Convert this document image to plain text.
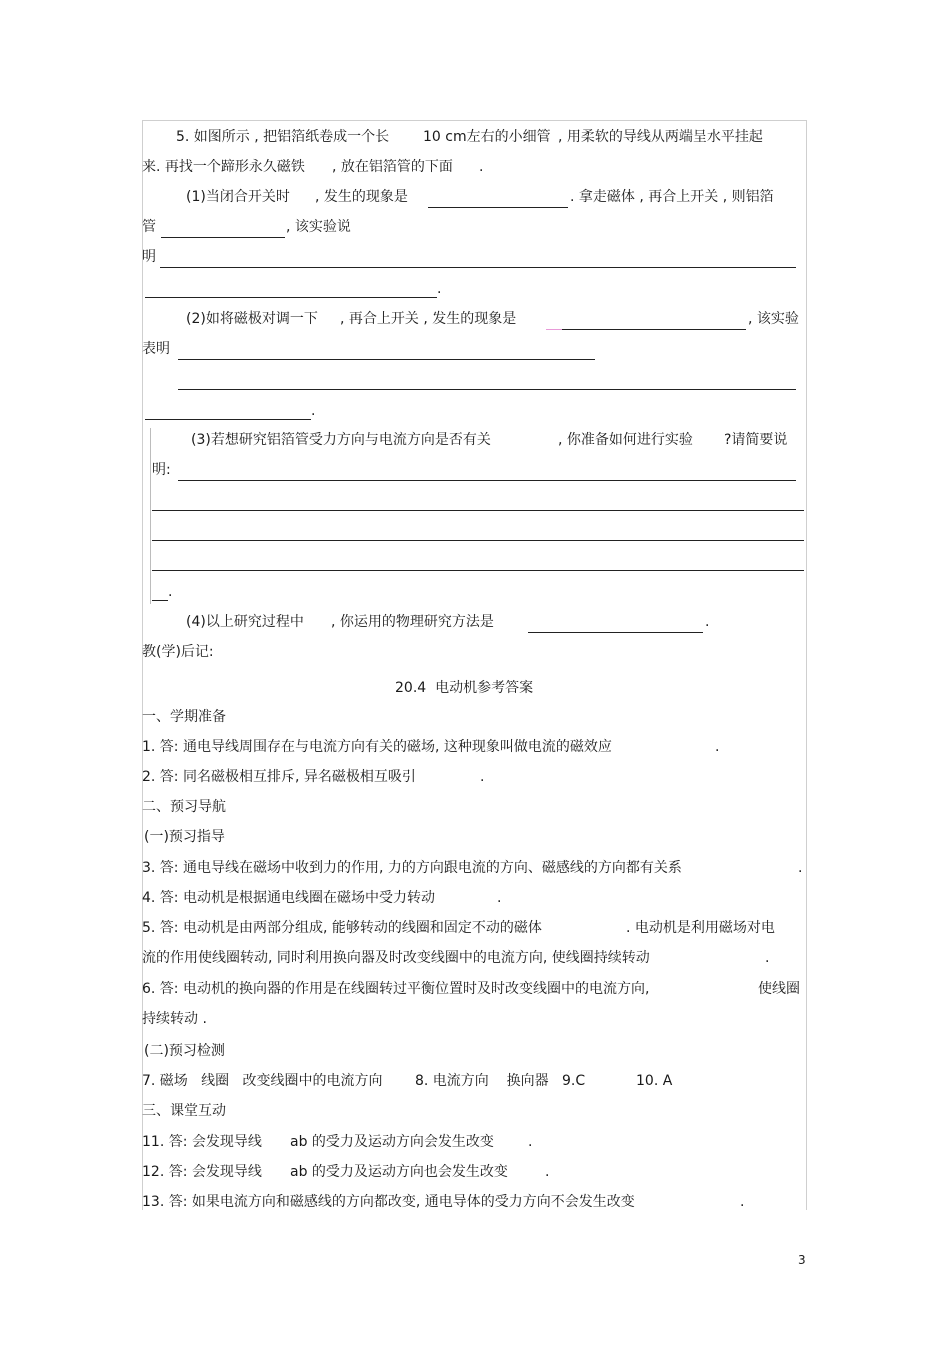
5. 如图所示 , 把铝箔纸卷成一个长 10 cm左右的小细管 , 用柔软的导线从两端呈水平挂起
来. 再找一个蹄形永久磁铁 , 放在铝箔管的下面 .
(1)当闭合开关时 , 发生的现象是	. 拿走磁体 , 再合上开关 , 则铝箔
管	, 该实验说
明
.
(2)如将磁极对调一下 , 再合上开关 , 发生的现象是	, 该实验
表明
.
(3)若想研究铝箔管受力方向与电流方向是否有关	, 你准备如何进行实验 ?请简要说
明:
.
(4)以上研究过程中 , 你运用的物理研究方法是	.
教(学)后记:
20.4  电动机参考答案
一、学期准备
1. 答: 通电导线周围存在与电流方向有关的磁场, 这种现象叫做电流的磁效应	.
2. 答: 同名磁极相互排斥, 异名磁极相互吸引	.
二、预习导航
(一)预习指导
3. 答: 通电导线在磁场中收到力的作用, 力的方向跟电流的方向、磁感线的方向都有关系	.
4. 答: 电动机是根据通电线圈在磁场中受力转动	.
5. 答: 电动机是由两部分组成, 能够转动的线圈和固定不动的磁体	. 电动机是利用磁场对电
流的作用使线圈转动, 同时利用换向器及时改变线圈中的电流方向, 使线圈持续转动	.
6. 答: 电动机的换向器的作用是在线圈转过平衡位置时及时改变线圈中的电流方向,	使线圈
持续转动 .
(二)预习检测
7. 磁场   线圈   改变线圈中的电流方向 8. 电流方向    换向器   9.C	10. A
三、课堂互动
11. 答: 会发现导线 ab 的受力及运动方向会发生改变 .
12. 答: 会发现导线 ab 的受力及运动方向也会发生改变	.
13. 答: 如果电流方向和磁感线的方向都改变, 通电导体的受力方向不会发生改变	.
3
